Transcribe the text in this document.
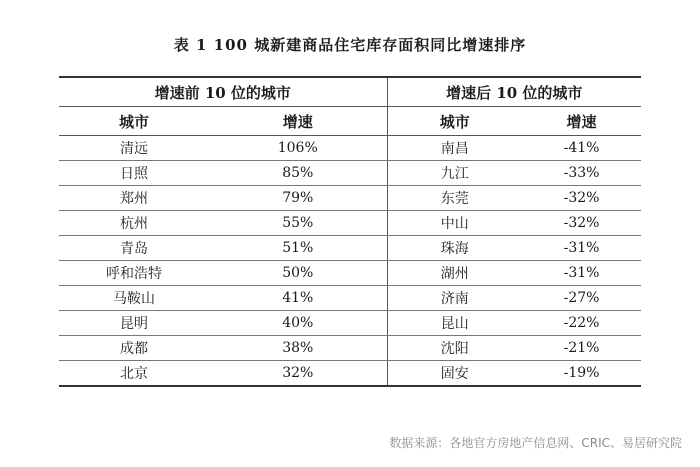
表 1 100 城新建商品住宅库存面积同比增速排序
增速前 10 位的城市		增速后 10 位的城市	
城市	增速	城市	增速
清远	106%	南昌	-41%
日照	85%	九江	-33%
郑州	79%	东莞	-32%
杭州	55%	中山	-32%
青岛	51%	珠海	-31%
呼和浩特	50%	湖州	-31%
马鞍山	41%	济南	-27%
昆明	40%	昆山	-22%
成都	38%	沈阳	-21%
北京	32%	固安	-19%
数据来源：各地官方房地产信息网、CRIC、易居研究院
